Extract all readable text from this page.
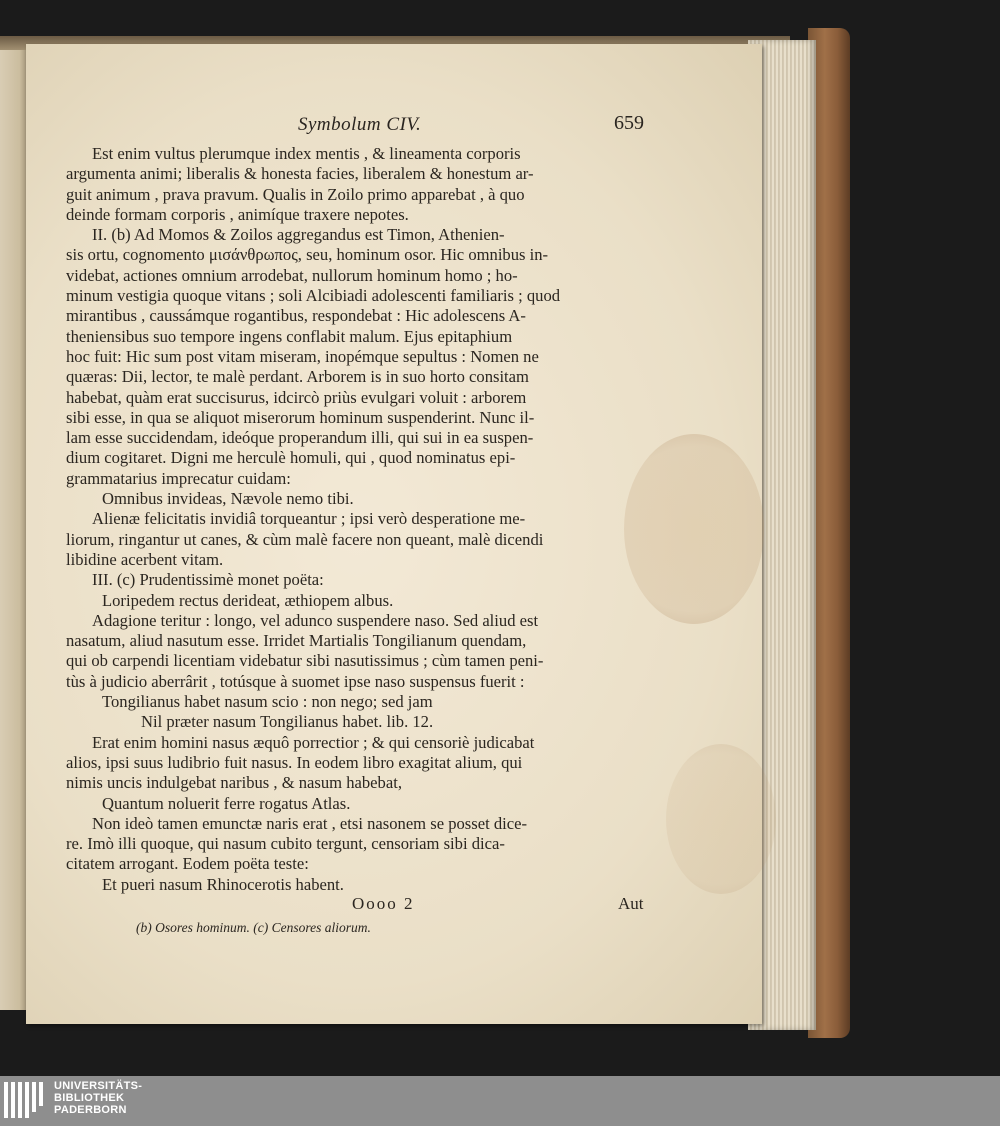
Symbolum CIV.	659
Est enim vultus plerumque index mentis , & lineamenta corporis
argumenta animi; liberalis & honesta facies, liberalem & honestum ar-
guit animum , prava pravum. Qualis in Zoilo primo apparebat , à quo
deinde formam corporis , animíque traxere nepotes.
II. (b) Ad Momos & Zoilos aggregandus est Timon, Athenien-
sis ortu, cognomento μισάνθρωπος, seu, hominum osor. Hic omnibus in-
videbat, actiones omnium arrodebat, nullorum hominum homo ; ho-
minum vestigia quoque vitans ; soli Alcibiadi adolescenti familiaris ; quod
mirantibus , caussámque rogantibus, respondebat : Hic adolescens A-
theniensibus suo tempore ingens conflabit malum. Ejus epitaphium
hoc fuit: Hic sum post vitam miseram, inopémque sepultus : Nomen ne
quæras: Dii, lector, te malè perdant. Arborem is in suo horto consitam
habebat, quàm erat succisurus, idcircò priùs evulgari voluit : arborem
sibi esse, in qua se aliquot miserorum hominum suspenderint. Nunc il-
lam esse succidendam, ideóque properandum illi, qui sui in ea suspen-
dium cogitaret. Digni me herculè homuli, qui , quod nominatus epi-
grammatarius imprecatur cuidam:
Omnibus invideas, Nævole nemo tibi.
Alienæ felicitatis invidiâ torqueantur ; ipsi verò desperatione me-
liorum, ringantur ut canes, & cùm malè facere non queant, malè dicendi
libidine acerbent vitam.
III. (c) Prudentissimè monet poëta:
Loripedem rectus derideat, æthiopem albus.
Adagione teritur : longo, vel adunco suspendere naso. Sed aliud est
nasatum, aliud nasutum esse. Irridet Martialis Tongilianum quendam,
qui ob carpendi licentiam videbatur sibi nasutissimus ; cùm tamen peni-
tùs à judicio aberrârit , totúsque à suomet ipse naso suspensus fuerit :
Tongilianus habet nasum scio : non nego; sed jam
Nil præter nasum Tongilianus habet. lib. 12.
Erat enim homini nasus æquô porrectior ; & qui censoriè judicabat
alios, ipsi suus ludibrio fuit nasus. In eodem libro exagitat alium, qui
nimis uncis indulgebat naribus , & nasum habebat,
Quantum noluerit ferre rogatus Atlas.
Non ideò tamen emunctæ naris erat , etsi nasonem se posset dice-
re. Imò illi quoque, qui nasum cubito tergunt, censoriam sibi dica-
citatem arrogant. Eodem poëta teste:
Et pueri nasum Rhinocerotis habent.
Oooo 2	Aut
(b) Osores hominum. (c) Censores aliorum.
UNIVERSITÄTS-
BIBLIOTHEK
PADERBORN
